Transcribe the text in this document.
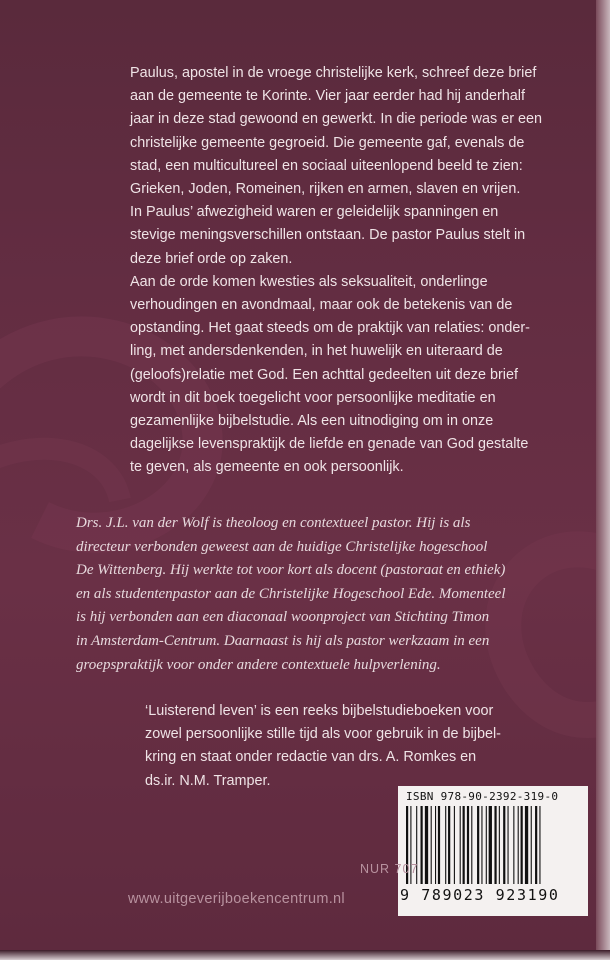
Paulus, apostel in de vroege christelijke kerk, schreef deze brief
aan de gemeente te Korinte. Vier jaar eerder had hij anderhalf
jaar in deze stad gewoond en gewerkt. In die periode was er een
christelijke gemeente gegroeid. Die gemeente gaf, evenals de
stad, een multicultureel en sociaal uiteenlopend beeld te zien:
Grieken, Joden, Romeinen, rijken en armen, slaven en vrijen.
In Paulus’ afwezigheid waren er geleidelijk spanningen en
stevige meningsverschillen ontstaan. De pastor Paulus stelt in
deze brief orde op zaken.
Aan de orde komen kwesties als seksualiteit, onderlinge
verhoudingen en avondmaal, maar ook de betekenis van de
opstanding. Het gaat steeds om de praktijk van relaties: onder-
ling, met andersdenkenden, in het huwelijk en uiteraard de
(geloofs)relatie met God. Een achttal gedeelten uit deze brief
wordt in dit boek toegelicht voor persoonlijke meditatie en
gezamenlijke bijbelstudie. Als een uitnodiging om in onze
dagelijkse levenspraktijk de liefde en genade van God gestalte
te geven, als gemeente en ook persoonlijk.
Drs. J.L. van der Wolf is theoloog en contextueel pastor. Hij is als
directeur verbonden geweest aan de huidige Christelijke hogeschool
De Wittenberg. Hij werkte tot voor kort als docent (pastoraat en ethiek)
en als studentenpastor aan de Christelijke Hogeschool Ede. Momenteel
is hij verbonden aan een diaconaal woonproject van Stichting Timon
in Amsterdam-Centrum. Daarnaast is hij als pastor werkzaam in een
groepspraktijk voor onder andere contextuele hulpverlening.
‘Luisterend leven’ is een reeks bijbelstudieboeken voor
zowel persoonlijke stille tijd als voor gebruik in de bijbel-
kring en staat onder redactie van drs. A. Romkes en
ds.ir. N.M. Tramper.
ISBN 978-90-2392-319-0
9 789023 923190
NUR 707
www.uitgeverijboekencentrum.nl
